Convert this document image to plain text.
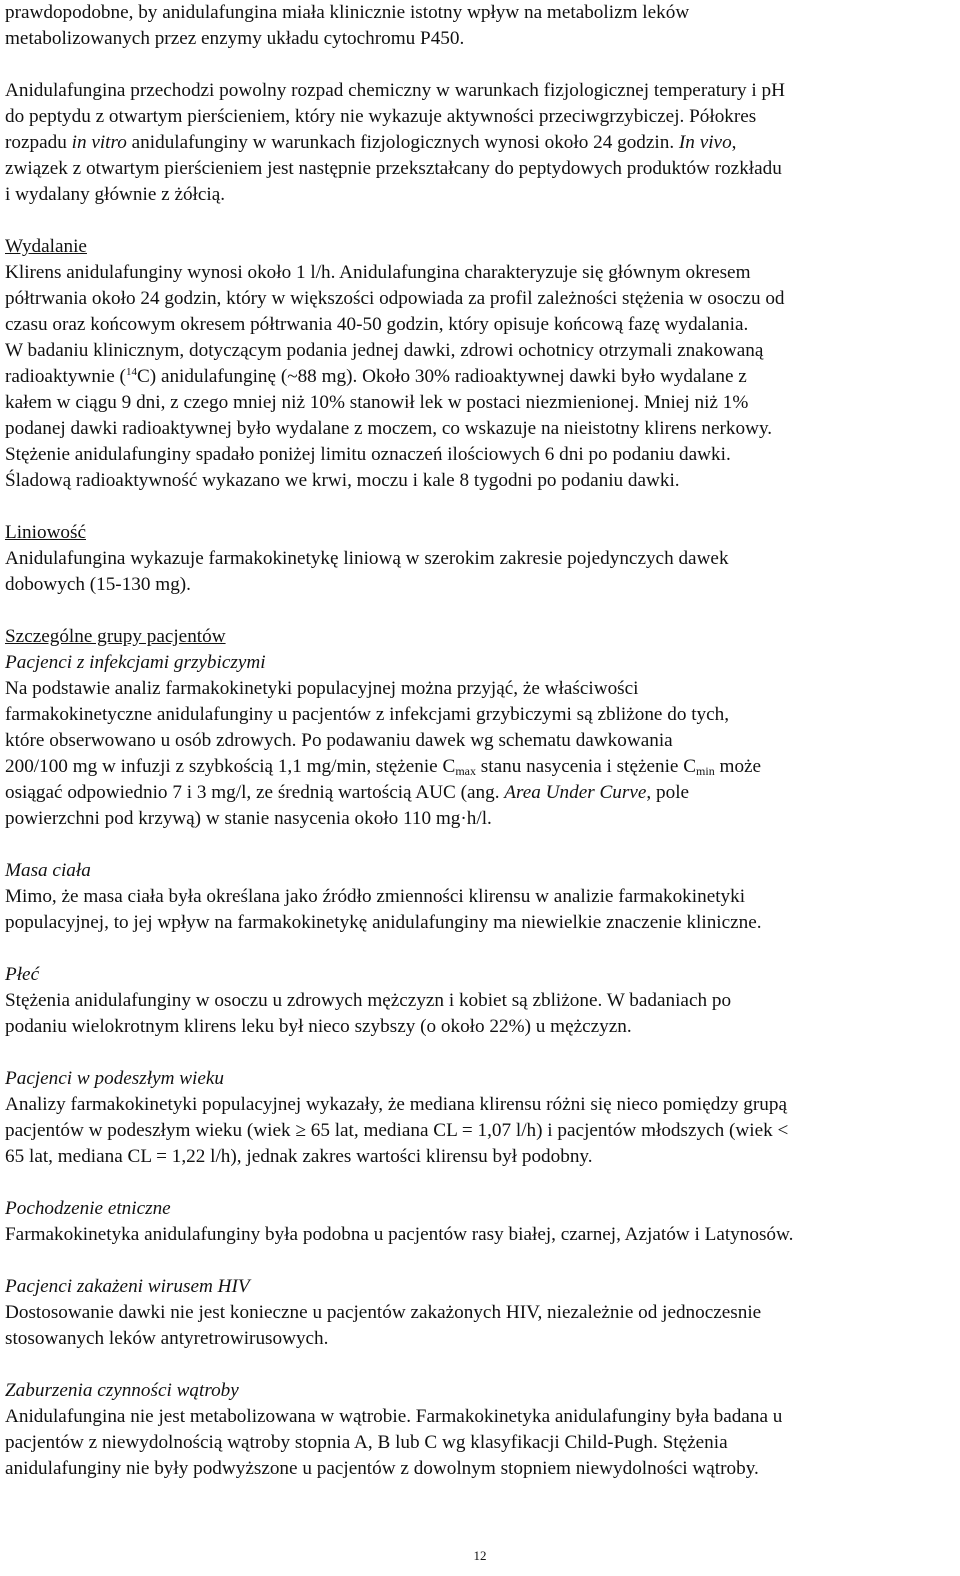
prawdopodobne, by anidulafungina miała klinicznie istotny wpływ na metabolizm leków
metabolizowanych przez enzymy układu cytochromu P450.
Anidulafungina przechodzi powolny rozpad chemiczny w warunkach fizjologicznej temperatury i pH
do peptydu z otwartym pierścieniem, który nie wykazuje aktywności przeciwgrzybiczej. Półokres
rozpadu in vitro anidulafunginy w warunkach fizjologicznych wynosi około 24 godzin. In vivo,
związek z otwartym pierścieniem jest następnie przekształcany do peptydowych produktów rozkładu
i wydalany głównie z żółcią.
Wydalanie
Klirens anidulafunginy wynosi około 1 l/h. Anidulafungina charakteryzuje się głównym okresem
półtrwania około 24 godzin, który w większości odpowiada za profil zależności stężenia w osoczu od
czasu oraz końcowym okresem półtrwania 40-50 godzin, który opisuje końcową fazę wydalania.
W badaniu klinicznym, dotyczącym podania jednej dawki, zdrowi ochotnicy otrzymali znakowaną
radioaktywnie ($^{14}$C) anidulafunginę (~88 mg). Około 30% radioaktywnej dawki było wydalane z
kałem w ciągu 9 dni, z czego mniej niż 10% stanowił lek w postaci niezmienionej. Mniej niż 1%
podanej dawki radioaktywnej było wydalane z moczem, co wskazuje na nieistotny klirens nerkowy.
Stężenie anidulafunginy spadało poniżej limitu oznaczeń ilościowych 6 dni po podaniu dawki.
Śladową radioaktywność wykazano we krwi, moczu i kale 8 tygodni po podaniu dawki.
Liniowość
Anidulafungina wykazuje farmakokinetykę liniową w szerokim zakresie pojedynczych dawek
dobowych (15-130 mg).
Szczególne grupy pacjentów
Pacjenci z infekcjami grzybiczymi
Na podstawie analiz farmakokinetyki populacyjnej można przyjąć, że właściwości
farmakokinetyczne anidulafunginy u pacjentów z infekcjami grzybiczymi są zbliżone do tych,
które obserwowano u osób zdrowych. Po podawaniu dawek wg schematu dawkowania
200/100 mg w infuzji z szybkością 1,1 mg/min, stężenie $C_{max}$ stanu nasycenia i stężenie $C_{min}$ może
osiągać odpowiednio 7 i 3 mg/l, ze średnią wartością AUC (ang. Area Under Curve, pole
powierzchni pod krzywą) w stanie nasycenia około 110 mg·h/l.
Masa ciała
Mimo, że masa ciała była określana jako źródło zmienności klirensu w analizie farmakokinetyki
populacyjnej, to jej wpływ na farmakokinetykę anidulafunginy ma niewielkie znaczenie kliniczne.
Płeć
Stężenia anidulafunginy w osoczu u zdrowych mężczyzn i kobiet są zbliżone. W badaniach po
podaniu wielokrotnym klirens leku był nieco szybszy (o około 22%) u mężczyzn.
Pacjenci w podeszłym wieku
Analizy farmakokinetyki populacyjnej wykazały, że mediana klirensu różni się nieco pomiędzy grupą
pacjentów w podeszłym wieku (wiek ≥ 65 lat, mediana CL = 1,07 l/h) i pacjentów młodszych (wiek <
65 lat, mediana CL = 1,22 l/h), jednak zakres wartości klirensu był podobny.
Pochodzenie etniczne
Farmakokinetyka anidulafunginy była podobna u pacjentów rasy białej, czarnej, Azjatów i Latynosów.
Pacjenci zakażeni wirusem HIV
Dostosowanie dawki nie jest konieczne u pacjentów zakażonych HIV, niezależnie od jednoczesnie
stosowanych leków antyretrowirusowych.
Zaburzenia czynności wątroby
Anidulafungina nie jest metabolizowana w wątrobie. Farmakokinetyka anidulafunginy była badana u
pacjentów z niewydolnością wątroby stopnia A, B lub C wg klasyfikacji Child-Pugh. Stężenia
anidulafunginy nie były podwyższone u pacjentów z dowolnym stopniem niewydolności wątroby.
12
